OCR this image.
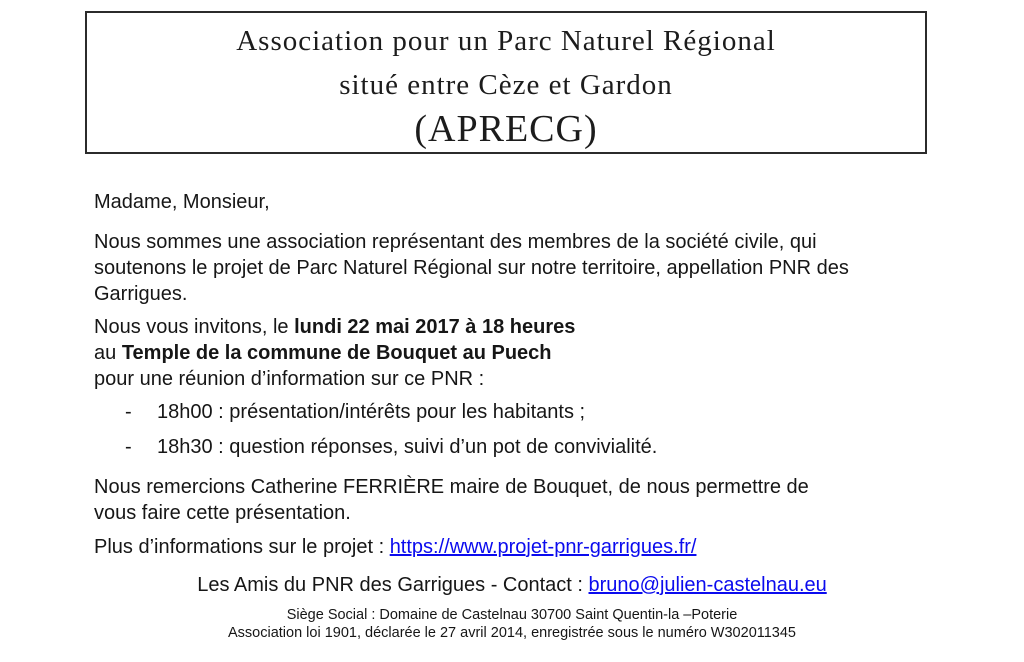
Association pour un Parc Naturel Régional
situé entre Cèze et Gardon
(APRECG)
Madame, Monsieur,
Nous sommes une association représentant des membres de la société civile, qui
soutenons le projet de Parc Naturel Régional sur notre territoire, appellation PNR des
Garrigues.
Nous vous invitons, le lundi 22 mai 2017 à 18 heures
au Temple de la commune de Bouquet au Puech
pour une réunion d’information sur ce PNR :
- 18h00 : présentation/intérêts pour les habitants ;
- 18h30 : question réponses, suivi d’un pot de convivialité.
Nous remercions Catherine FERRIÈRE maire de Bouquet, de nous permettre de
vous faire cette présentation.
Plus d’informations sur le projet : https://www.projet-pnr-garrigues.fr/
Les Amis du PNR des Garrigues - Contact : bruno@julien-castelnau.eu
Siège Social : Domaine de Castelnau 30700 Saint Quentin-la –Poterie
Association loi 1901, déclarée le 27 avril 2014, enregistrée sous le numéro W302011345
